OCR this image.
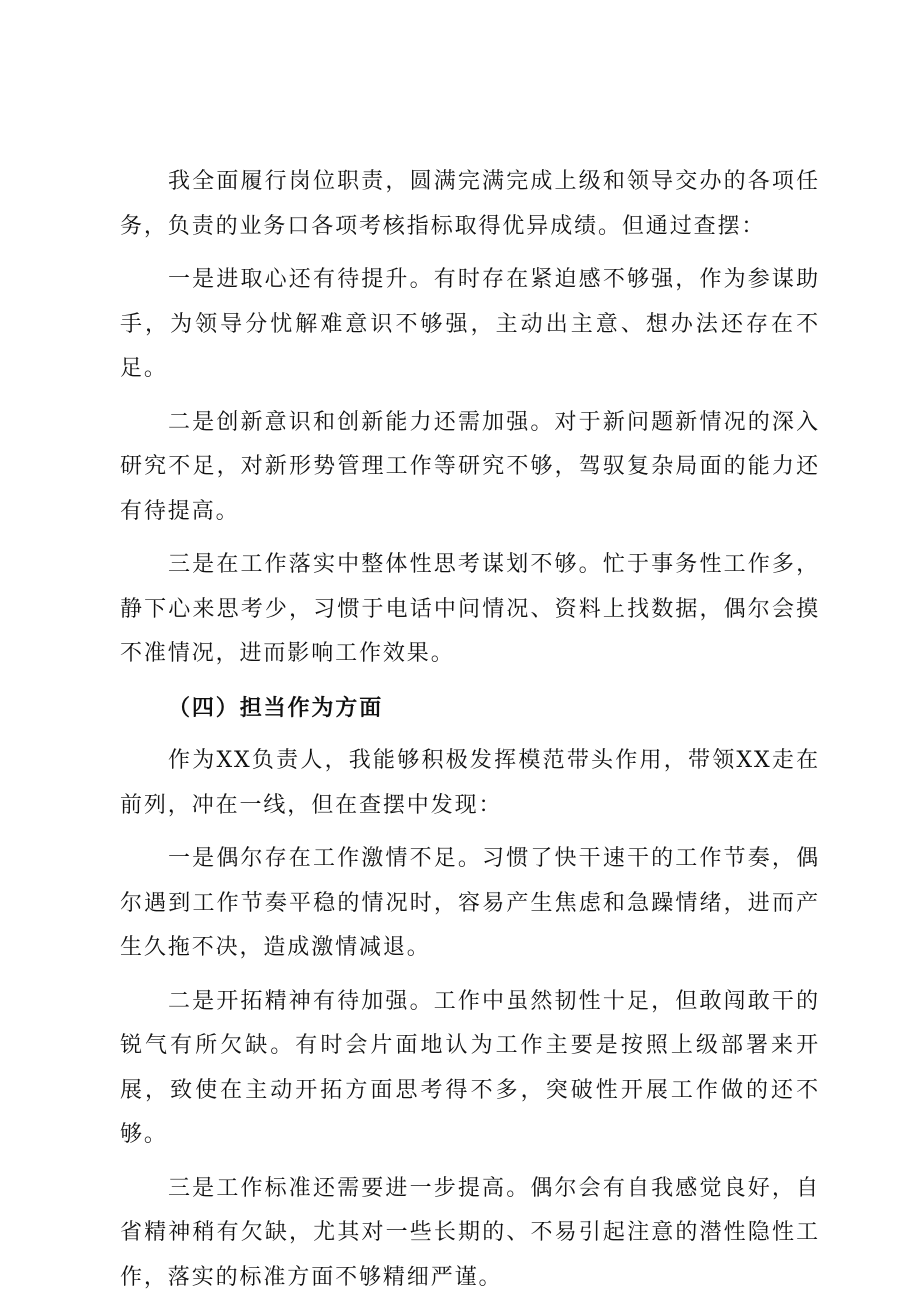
我全面履行岗位职责，圆满完满完成上级和领导交办的各项任务，负责的业务口各项考核指标取得优异成绩。但通过查摆：

一是进取心还有待提升。有时存在紧迫感不够强，作为参谋助手，为领导分忧解难意识不够强，主动出主意、想办法还存在不足。

二是创新意识和创新能力还需加强。对于新问题新情况的深入研究不足，对新形势管理工作等研究不够，驾驭复杂局面的能力还有待提高。

三是在工作落实中整体性思考谋划不够。忙于事务性工作多，静下心来思考少，习惯于电话中问情况、资料上找数据，偶尔会摸不准情况，进而影响工作效果。

（四）担当作为方面

作为XX负责人，我能够积极发挥模范带头作用，带领XX走在前列，冲在一线，但在查摆中发现：

一是偶尔存在工作激情不足。习惯了快干速干的工作节奏，偶尔遇到工作节奏平稳的情况时，容易产生焦虑和急躁情绪，进而产生久拖不决，造成激情减退。

二是开拓精神有待加强。工作中虽然韧性十足，但敢闯敢干的锐气有所欠缺。有时会片面地认为工作主要是按照上级部署来开展，致使在主动开拓方面思考得不多，突破性开展工作做的还不够。

三是工作标准还需要进一步提高。偶尔会有自我感觉良好，自省精神稍有欠缺，尤其对一些长期的、不易引起注意的潜性隐性工作，落实的标准方面不够精细严谨。
